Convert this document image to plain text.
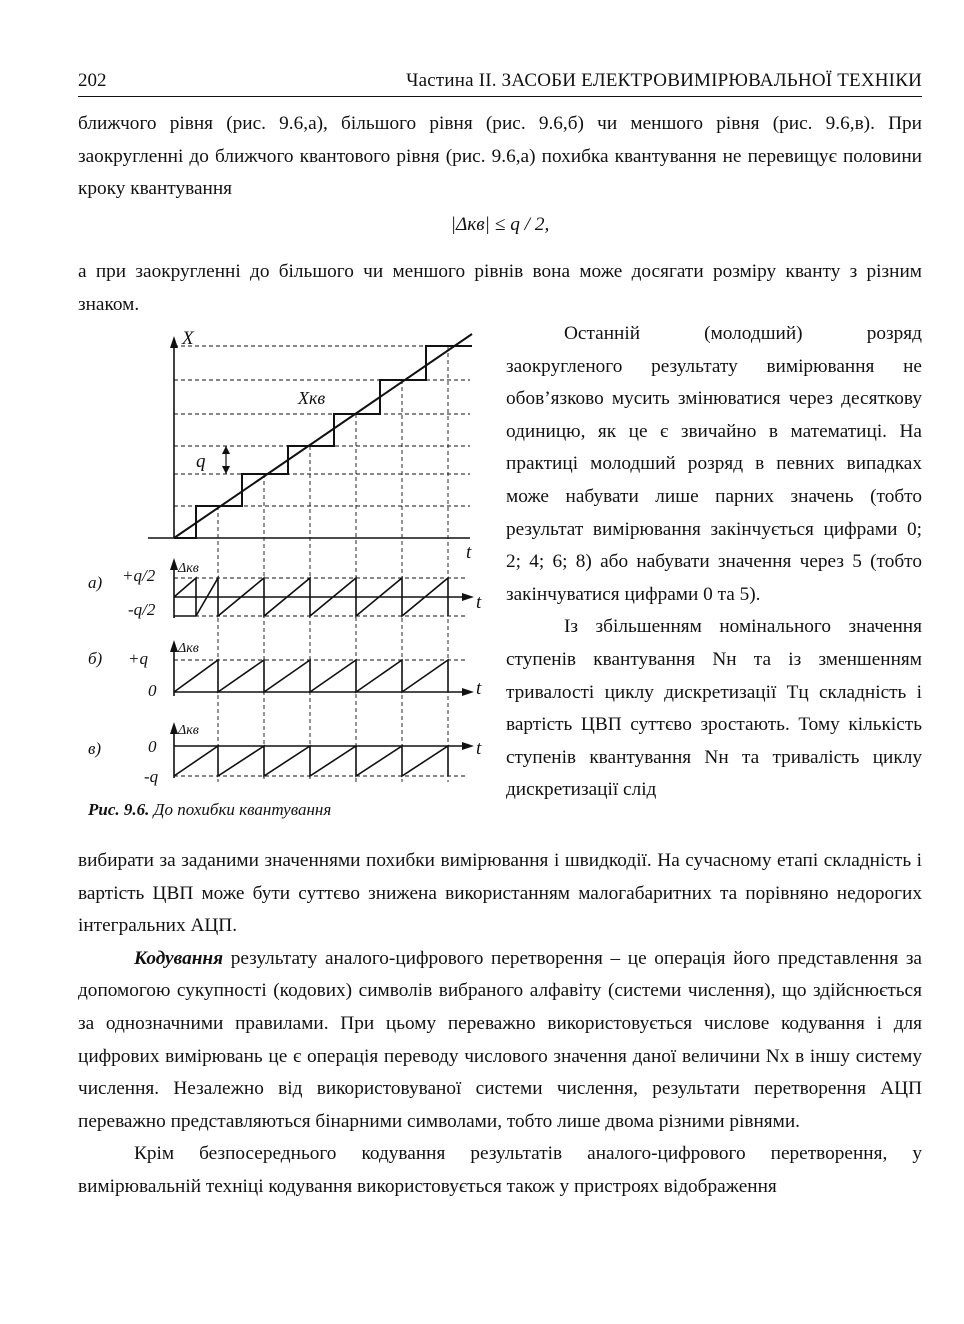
202	Частина ІІ. ЗАСОБИ ЕЛЕКТРОВИМІРЮВАЛЬНОЇ ТЕХНІКИ

ближчого рівня (рис. 9.6,а), більшого рівня (рис. 9.6,б) чи меншого рівня (рис. 9.6,в). При заокругленні до ближчого квантового рівня (рис. 9.6,а) похибка квантування не перевищує половини кроку квантування

|Δкв| ≤ q / 2,

а при заокругленні до більшого чи меншого рівнів вона може досягати розміру кванту з різним знаком.

X
Xкв
q
t
а) +q/2
-q/2
Δкв
t
б) +q
0
Δкв
t
в)	0
-q
Δкв
t
Рис. 9.6. До похибки квантування

Останній (молодший) розряд заокругленого результату вимірювання не обов’язково мусить змінюватися через десяткову одиницю, як це є звичайно в математиці. На практиці молодший розряд в певних випадках може набувати лише парних значень (тобто результат вимірювання закінчується цифрами 0; 2; 4; 6; 8) або набувати значення через 5 (тобто закінчуватися цифрами 0 та 5).

Із збільшенням номінального значення ступенів квантування Nн та із зменшенням тривалості циклу дискретизації Tц складність і вартість ЦВП суттєво зростають. Тому кількість ступенів квантування Nн та тривалість циклу дискретизації слід

вибирати за заданими значеннями похибки вимірювання і швидкодії. На сучасному етапі складність і вартість ЦВП може бути суттєво знижена використанням малогабаритних та порівняно недорогих інтегральних АЦП.

Кодування результату аналого-цифрового перетворення – це операція його представлення за допомогою сукупності (кодових) символів вибраного алфавіту (системи числення), що здійснюється за однозначними правилами. При цьому переважно використовується числове кодування і для цифрових вимірювань це є операція переводу числового значення даної величини Nx в іншу систему числення. Незалежно від використовуваної системи числення, результати перетворення АЦП переважно представляються бінарними символами, тобто лише двома різними рівнями.

Крім безпосереднього кодування результатів аналого-цифрового перетворення, у вимірювальній техніці кодування використовується також у пристроях відображення
